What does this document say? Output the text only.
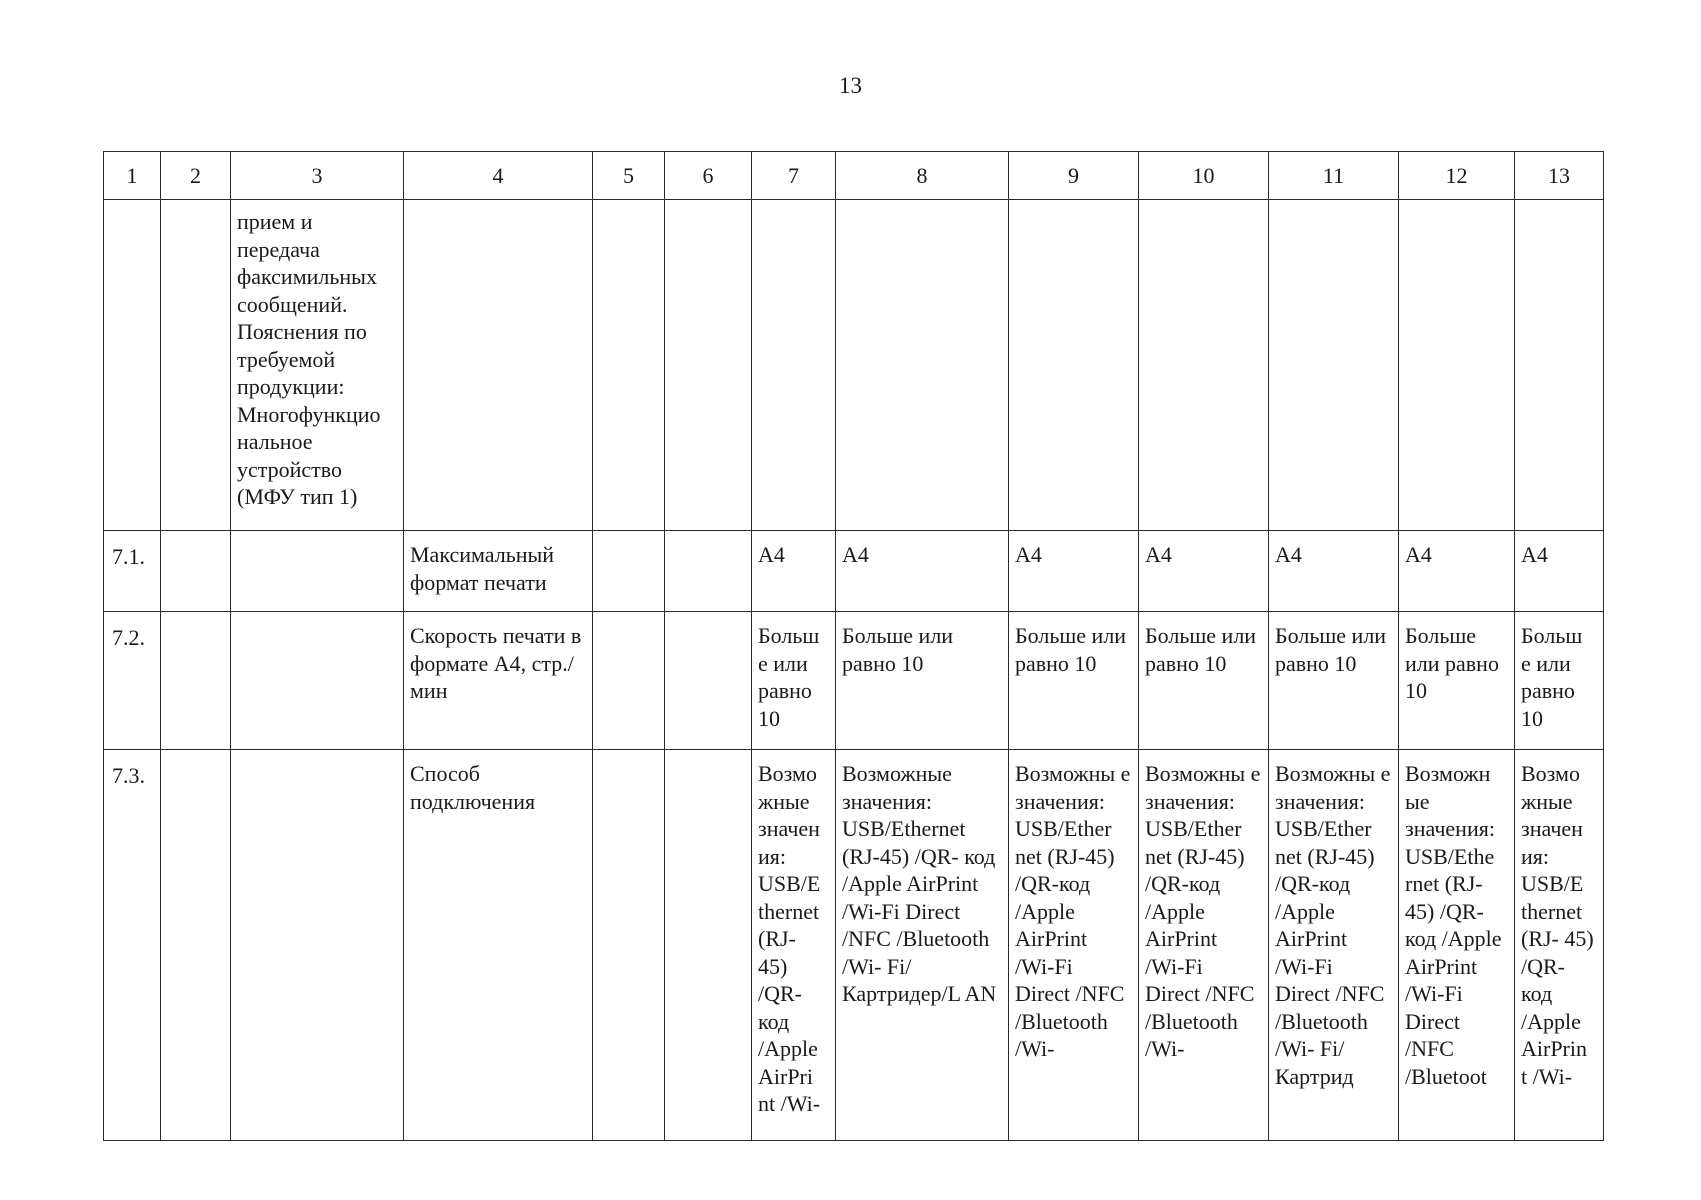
13
1	2	3	4	5	6	7	8	9	10	11	12	13
		прием и передача факсимильных сообщений. Пояснения по требуемой продукции: Многофункцио нальное устройство (МФУ тип 1)										
7.1.			Максимальный формат печати			A4	A4	A4	A4	A4	A4	A4
7.2.			Скорость печати в формате А4, стр./мин			Больш е или равно 10	Больше или равно 10	Больше или равно 10	Больше или равно 10	Больше или равно 10	Больше или равно 10	Больш е или равно 10
7.3.			Способ подключения			Возмо жные значен ия: USB/E thernet (RJ- 45) /QR- код /Apple AirPri nt /Wi-	Возможные значения: USB/Ethernet (RJ-45) /QR- код /Apple AirPrint /Wi-Fi Direct /NFC /Bluetooth /Wi- Fi/Картридер/L AN	Возможны е значения: USB/Ether net (RJ-45) /QR-код /Apple AirPrint /Wi-Fi Direct /NFC /Bluetooth /Wi-	Возможны е значения: USB/Ether net (RJ-45) /QR-код /Apple AirPrint /Wi-Fi Direct /NFC /Bluetooth /Wi-	Возможны е значения: USB/Ether net (RJ-45) /QR-код /Apple AirPrint /Wi-Fi Direct /NFC /Bluetooth /Wi- Fi/Картрид	Возможн ые значения: USB/Ethe rnet (RJ- 45) /QR- код /Apple AirPrint /Wi-Fi Direct /NFC /Bluetoot	Возмо жные значен ия: USB/E thernet (RJ- 45) /QR- код /Apple AirPrin t /Wi-
